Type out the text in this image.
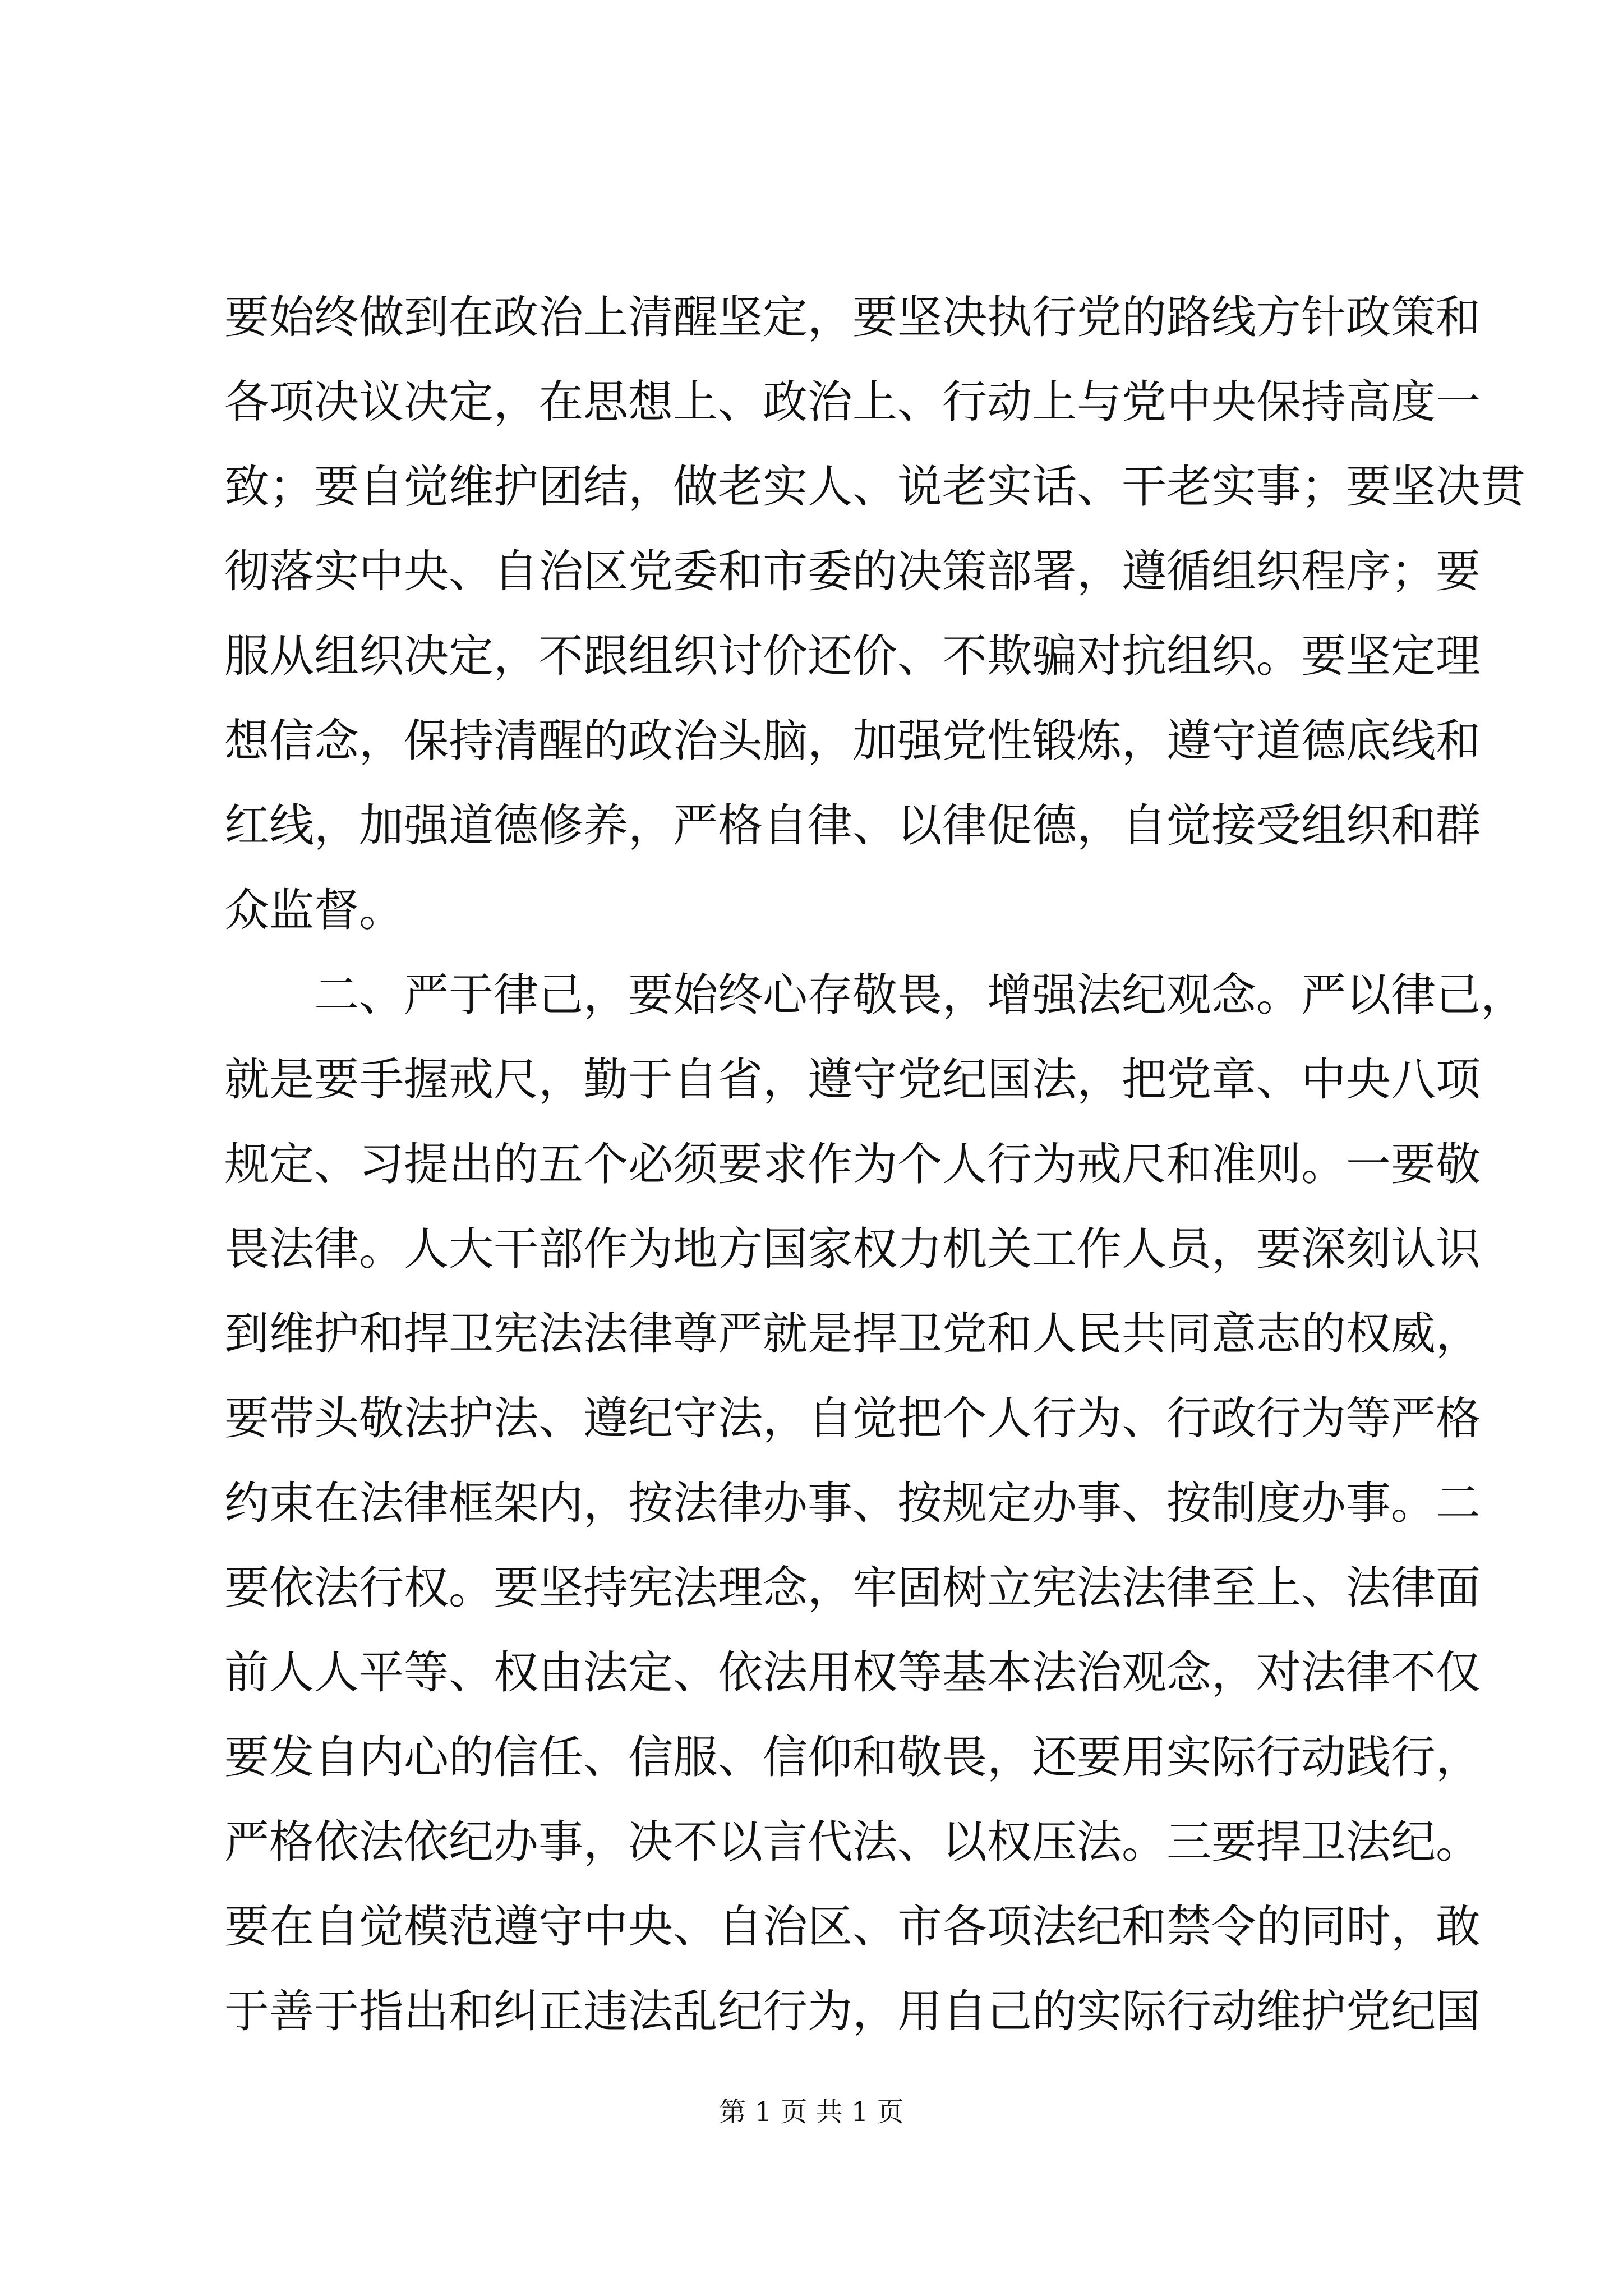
要始终做到在政治上清醒坚定，要坚决执行党的路线方针政策和
各项决议决定，在思想上、政治上、行动上与党中央保持高度一
致；要自觉维护团结，做老实人、说老实话、干老实事；要坚决贯
彻落实中央、自治区党委和市委的决策部署，遵循组织程序；要
服从组织决定，不跟组织讨价还价、不欺骗对抗组织。要坚定理
想信念，保持清醒的政治头脑，加强党性锻炼，遵守道德底线和
红线，加强道德修养，严格自律、以律促德，自觉接受组织和群
众监督。
二、严于律己，要始终心存敬畏，增强法纪观念。严以律己，
就是要手握戒尺，勤于自省，遵守党纪国法，把党章、中央八项
规定、习提出的五个必须要求作为个人行为戒尺和准则。一要敬
畏法律。人大干部作为地方国家权力机关工作人员，要深刻认识
到维护和捍卫宪法法律尊严就是捍卫党和人民共同意志的权威，
要带头敬法护法、遵纪守法，自觉把个人行为、行政行为等严格
约束在法律框架内，按法律办事、按规定办事、按制度办事。二
要依法行权。要坚持宪法理念，牢固树立宪法法律至上、法律面
前人人平等、权由法定、依法用权等基本法治观念，对法律不仅
要发自内心的信任、信服、信仰和敬畏，还要用实际行动践行，
严格依法依纪办事，决不以言代法、以权压法。三要捍卫法纪。
要在自觉模范遵守中央、自治区、市各项法纪和禁令的同时，敢
于善于指出和纠正违法乱纪行为，用自己的实际行动维护党纪国
第 1 页 共 1 页
